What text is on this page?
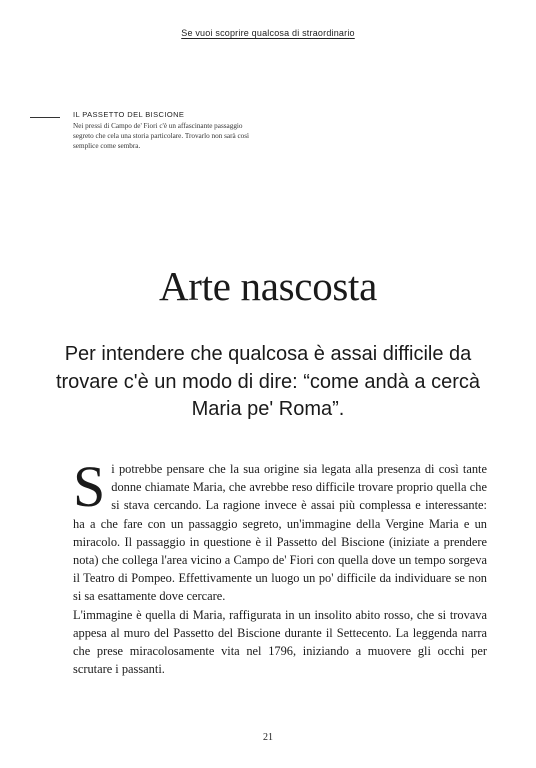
Se vuoi scoprire qualcosa di straordinario

IL PASSETTO DEL BISCIONE

Nei pressi di Campo de' Fiori c'è un affascinante passaggio segreto che cela una storia particolare. Trovarlo non sarà così semplice come sembra.

Arte nascosta

Per intendere che qualcosa è assai difficile da trovare c'è un modo di dire: “come andà a cercà Maria pe' Roma”.

Si potrebbe pensare che la sua origine sia legata alla presenza di così tante donne chiamate Maria, che avrebbe reso difficile trovare proprio quella che si stava cercando. La ragione invece è assai più complessa e interessante: ha a che fare con un passaggio segreto, un'immagine della Vergine Maria e un miracolo. Il passaggio in questione è il Passetto del Biscione (iniziate a prendere nota) che collega l'area vicino a Campo de' Fiori con quella dove un tempo sorgeva il Teatro di Pompeo. Effettivamente un luogo un po' difficile da individuare se non si sa esattamente dove cercare.

L'immagine è quella di Maria, raffigurata in un insolito abito rosso, che si trovava appesa al muro del Passetto del Biscione durante il Settecento. La leggenda narra che prese miracolosamente vita nel 1796, iniziando a muovere gli occhi per scrutare i passanti.

21
